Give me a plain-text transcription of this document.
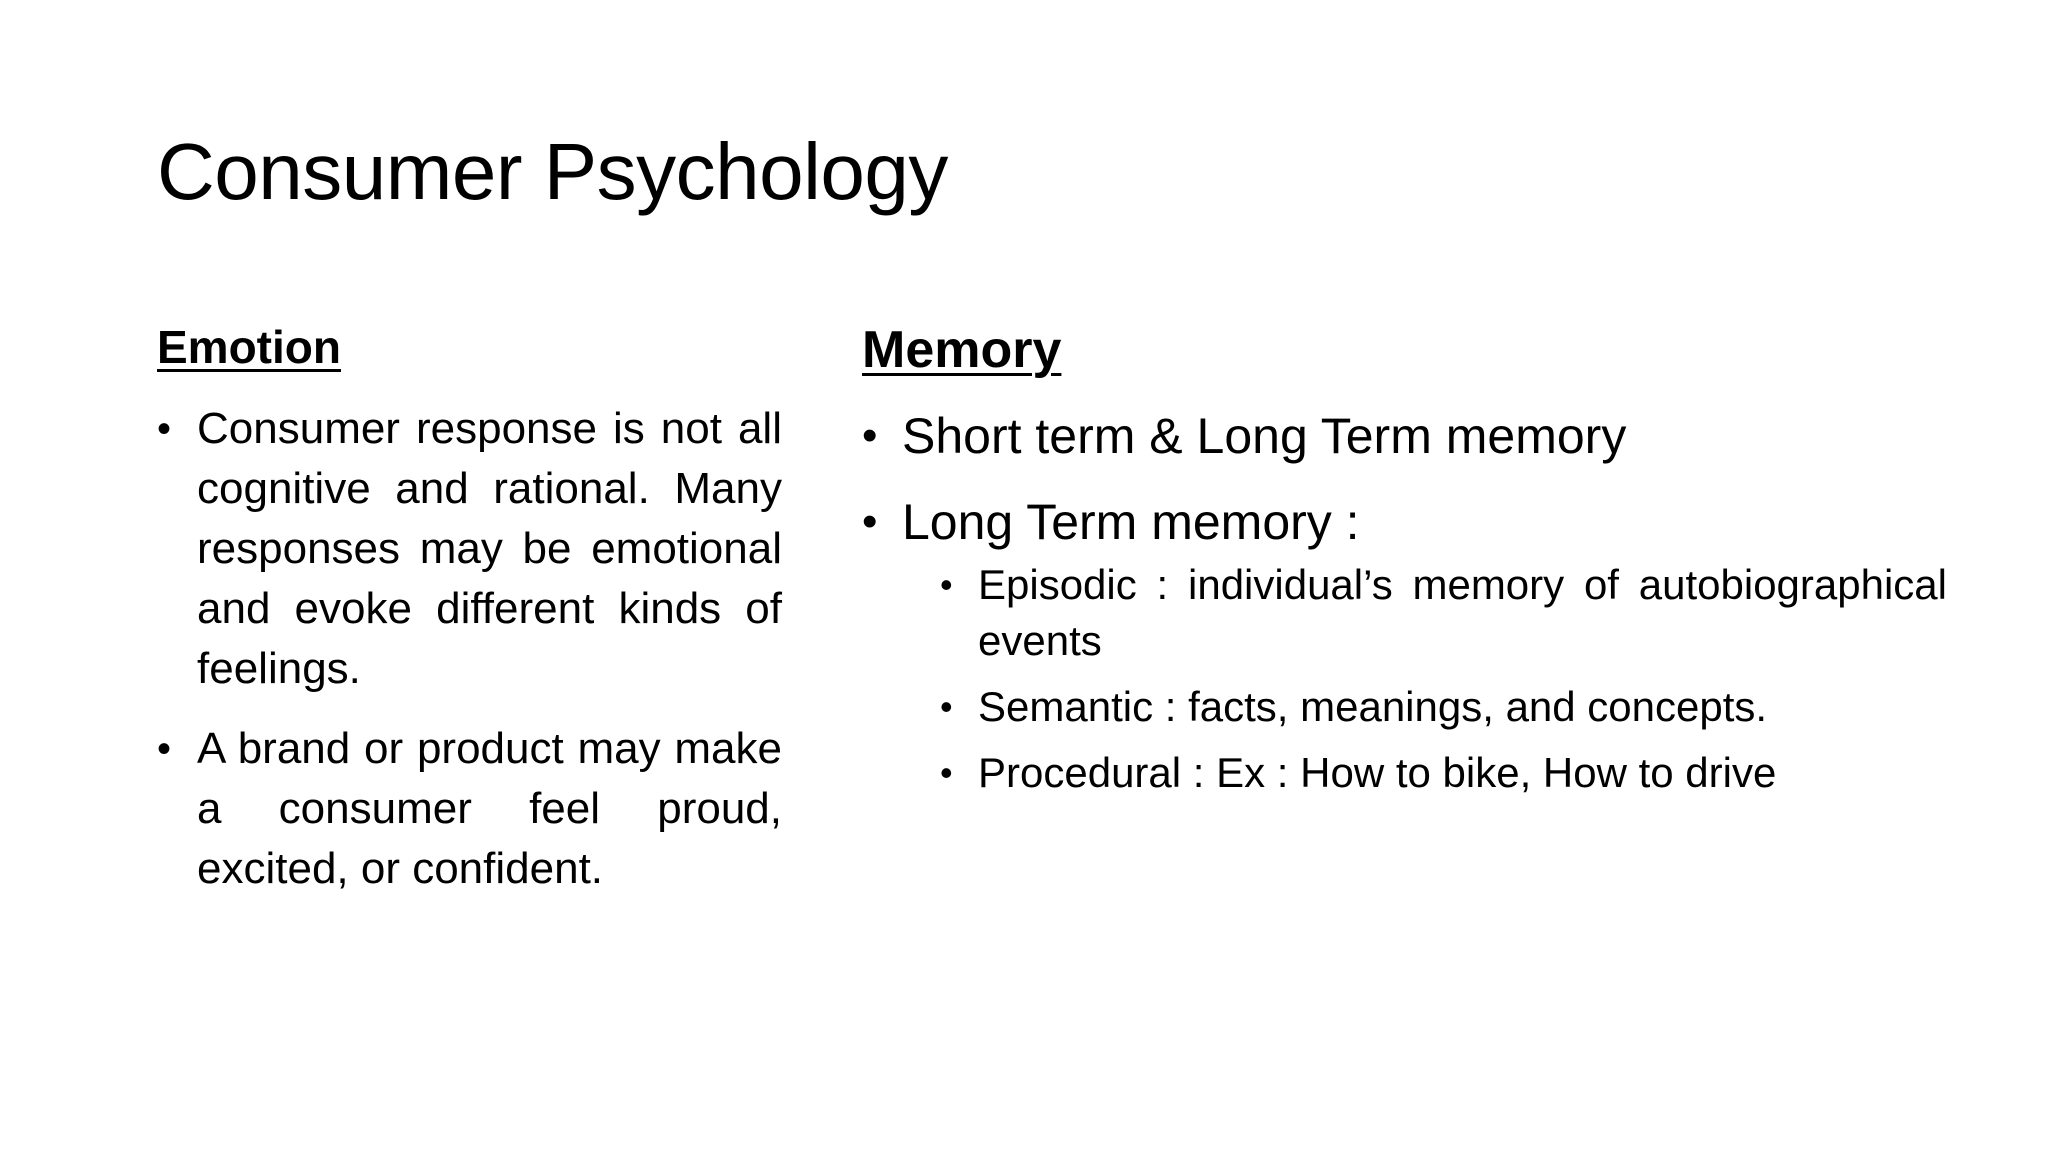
Consumer Psychology
Emotion
• Consumer response is not all cognitive and rational. Many responses may be emotional and evoke different kinds of feelings.
• A brand or product may make a consumer feel proud, excited, or confident.
Memory
• Short term & Long Term memory
• Long Term memory :
• Episodic : individual’s memory of autobiographical events
• Semantic : facts, meanings, and concepts.
• Procedural : Ex : How to bike, How to drive
